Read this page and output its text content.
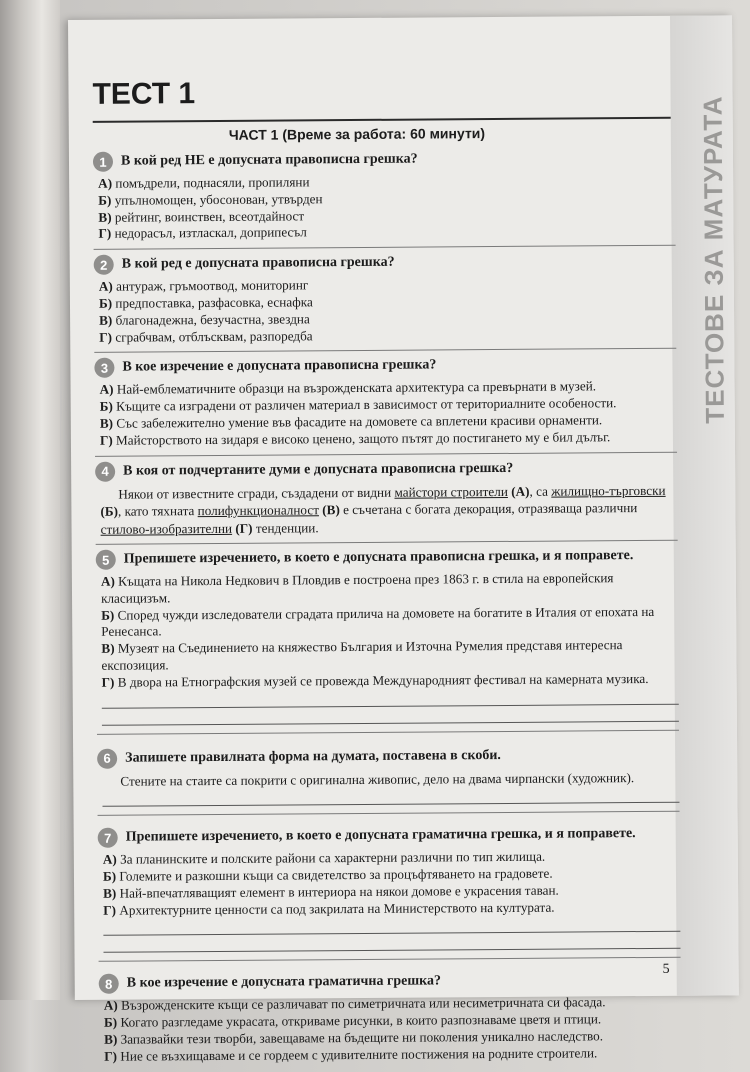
ТЕСТОВЕ ЗА МАТУРАТА
ТЕСТ 1
ЧАСТ 1 (Време за работа: 60 минути)
1	В кой ред НЕ е допусната правописна грешка?
А) помъдрели, поднасяли, пропиляни
Б) упълномощен, убосонован, утвърден
В) рейтинг, воинствен, всеотдайност
Г) недорасъл, изтласкал, доприпесъл
2	В кой ред е допусната правописна грешка?
А) антураж, гръмоотвод, мониторинг
Б) предпоставка, разфасовка, еснафка
В) благонадежна, безучастна, звездна
Г) сграбчвам, отблъсквам, разпоредба
3	В кое изречение е допусната правописна грешка?
А) Най-емблематичните образци на възрожденската архитектура са превърнати в музей.
Б) Къщите са изградени от различен материал в зависимост от териториалните особености.
В) Със забележително умение във фасадите на домовете са вплетени красиви орнаменти.
Г) Майсторството на зидаря е високо ценено, защото пътят до постигането му е бил дълъг.
4	В коя от подчертаните думи е допусната правописна грешка?
Някои от известните сгради, създадени от видни майстори строители (А), са жилищно-търговски (Б), като тяхната полифункционалност (В) е съчетана с богата декорация, отразяваща различни стилово-изобразителни (Г) тенденции.
5	Препишете изречението, в което е допусната правописна грешка, и я поправете.
А) Къщата на Никола Недкович в Пловдив е построена през 1863 г. в стила на европейския класицизъм.
Б) Според чужди изследователи сградата прилича на домовете на богатите в Италия от епохата на Ренесанса.
В) Музеят на Съединението на княжество България и Източна Румелия представя интересна експозиция.
Г) В двора на Етнографския музей се провежда Международният фестивал на камерната музика.
6	Запишете правилната форма на думата, поставена в скоби.
Стените на стаите са покрити с оригинална живопис, дело на двама чирпански (художник).
7	Препишете изречението, в което е допусната граматична грешка, и я поправете.
А) За планинските и полските райони са характерни различни по тип жилища.
Б) Големите и разкошни къщи са свидетелство за процъфтяването на градовете.
В) Най-впечатляващият елемент в интериора на някои домове е украсения таван.
Г) Архитектурните ценности са под закрилата на Министерството на културата.
8	В кое изречение е допусната граматична грешка?
А) Възрожденските къщи се различават по симетричната или несиметричната си фасада.
Б) Когато разгледаме украсата, откриваме рисунки, в които разпознаваме цветя и птици.
В) Запазвайки тези творби, завещаваме на бъдещите ни поколения уникално наследство.
Г) Ние се възхищаваме и се гордеем с удивителните постижения на родните строители.
5
